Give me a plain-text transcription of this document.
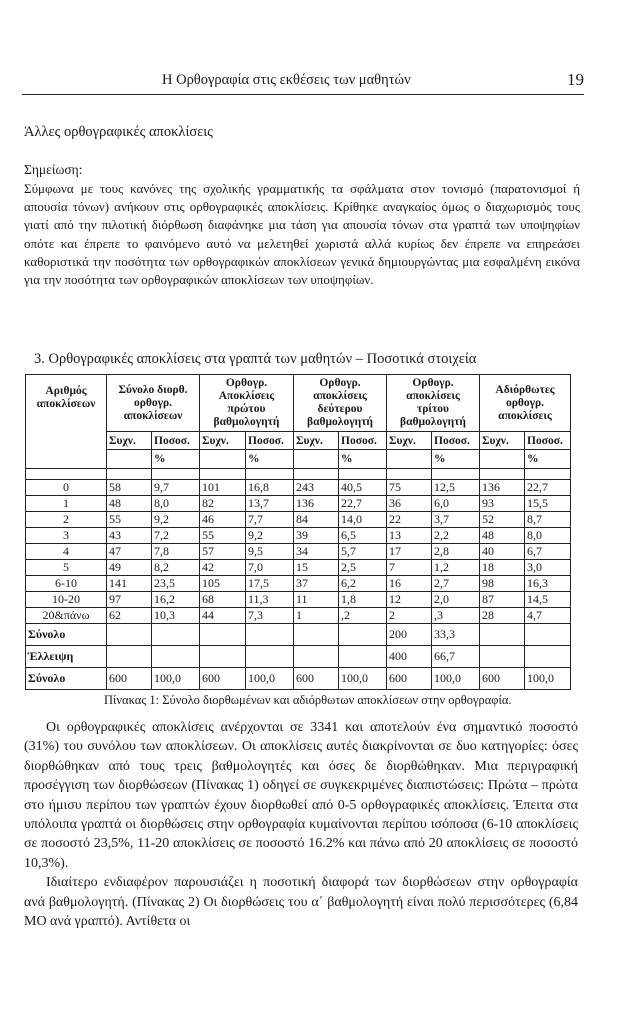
Η Ορθογραφία στις εκθέσεις των μαθητών	19
Άλλες ορθογραφικές αποκλίσεις
Σημείωση:
Σύμφωνα με τους κανόνες της σχολικής γραμματικής τα σφάλματα στον τονισμό (παρατονισμοί ή απουσία τόνων) ανήκουν στις ορθογραφικές αποκλίσεις. Κρίθηκε αναγκαίος όμως ο διαχωρισμός τους γιατί από την πιλοτική διόρθωση διαφάνηκε μια τάση για απουσία τόνων στα γραπτά των υποψηφίων οπότε και έπρεπε το φαινόμενο αυτό να μελετηθεί χωριστά αλλά κυρίως δεν έπρεπε να επηρεάσει καθοριστικά την ποσότητα των ορθογραφικών αποκλίσεων γενικά δημιουργώντας μια εσφαλμένη εικόνα για την ποσότητα των ορθογραφικών αποκλίσεων των υποψηφίων.
3. Ορθογραφικές αποκλίσεις στα γραπτά των μαθητών – Ποσοτικά στοιχεία
Αριθμός αποκλίσεων	Σύνολο διορθ. ορθογρ. αποκλίσεων		Ορθογρ. Αποκλίσεις πρώτου βαθμολογητή		Ορθογρ. αποκλίσεις δεύτερου βαθμολογητή		Ορθογρ. αποκλίσεις τρίτου βαθμολογητή		Αδιόρθωτες ορθογρ. αποκλίσεις	
	Συχν.	Ποσοσ.	Συχν.	Ποσοσ.	Συχν.	Ποσοσ.	Συχν.	Ποσοσ.	Συχν.	Ποσοσ.
		%		%		%		%		%

0	58	9,7	101	16,8	243	40,5	75	12,5	136	22,7
1	48	8,0	82	13,7	136	22,7	36	6,0	93	15,5
2	55	9,2	46	7,7	84	14,0	22	3,7	52	8,7
3	43	7,2	55	9,2	39	6,5	13	2,2	48	8,0
4	47	7,8	57	9,5	34	5,7	17	2,8	40	6,7
5	49	8,2	42	7,0	15	2,5	7	1,2	18	3,0
6-10	141	23,5	105	17,5	37	6,2	16	2,7	98	16,3
10-20	97	16,2	68	11,3	11	1,8	12	2,0	87	14,5
20&πάνω	62	10,3	44	7,3	1	,2	2	,3	28	4,7
Σύνολο							200	33,3		
Έλλειψη							400	66,7		
Σύνολο	600	100,0	600	100,0	600	100,0	600	100,0	600	100,0
Πίνακας 1: Σύνολο διορθωμένων και αδιόρθωτων αποκλίσεων στην ορθογραφία.

Οι ορθογραφικές αποκλίσεις ανέρχονται σε 3341 και αποτελούν ένα σημαντικό ποσοστό (31%) του συνόλου των αποκλίσεων. Οι αποκλίσεις αυτές διακρίνονται σε δυο κατηγορίες: όσες διορθώθηκαν από τους τρεις βαθμολογητές και όσες δε διορθώθηκαν. Μια περιγραφική προσέγγιση των διορθώσεων (Πίνακας 1) οδηγεί σε συγκεκριμένες διαπιστώσεις: Πρώτα – πρώτα στο ήμισυ περίπου των γραπτών έχουν διορθωθεί από 0-5 ορθογραφικές αποκλίσεις. Έπειτα στα υπόλοιπα γραπτά οι διορθώσεις στην ορθογραφία κυμαίνονται περίπου ισόποσα (6-10 αποκλίσεις σε ποσοστό 23,5%, 11-20 αποκλίσεις σε ποσοστό 16.2% και πάνω από 20 αποκλίσεις σε ποσοστό 10,3%).

Ιδιαίτερο ενδιαφέρον παρουσιάζει η ποσοτική διαφορά των διορθώσεων στην ορθογραφία ανά βαθμολογητή. (Πίνακας 2) Οι διορθώσεις του α΄ βαθμολογητή είναι πολύ περισσότερες (6,84 ΜΟ ανά γραπτό). Αντίθετα οι
